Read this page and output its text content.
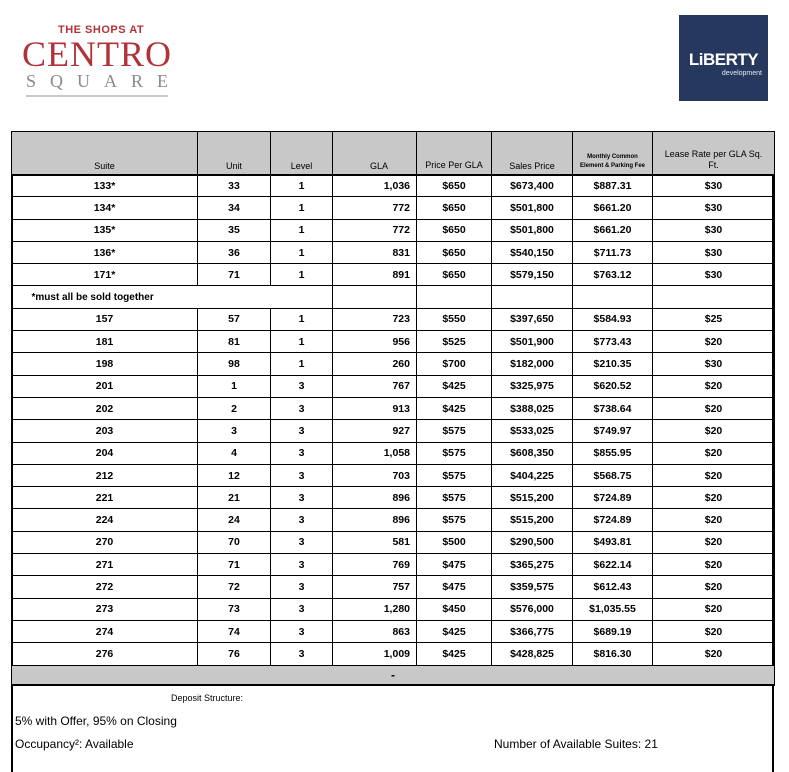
THE SHOPS AT
CENTRO
SQUARE
LiBERTY
development
Suite	Unit	Level	GLA	Price Per GLA	Sales Price	Monthly Common Element & Parking Fee	Lease Rate per GLA Sq. Ft.
133*	33	1	1,036	$650	$673,400	$887.31	$30
134*	34	1	772	$650	$501,800	$661.20	$30
135*	35	1	772	$650	$501,800	$661.20	$30
136*	36	1	831	$650	$540,150	$711.73	$30
171*	71	1	891	$650	$579,150	$763.12	$30
*must all be sold together							
157	57	1	723	$550	$397,650	$584.93	$25
181	81	1	956	$525	$501,900	$773.43	$20
198	98	1	260	$700	$182,000	$210.35	$30
201	1	3	767	$425	$325,975	$620.52	$20
202	2	3	913	$425	$388,025	$738.64	$20
203	3	3	927	$575	$533,025	$749.97	$20
204	4	3	1,058	$575	$608,350	$855.95	$20
212	12	3	703	$575	$404,225	$568.75	$20
221	21	3	896	$575	$515,200	$724.89	$20
224	24	3	896	$575	$515,200	$724.89	$20
270	70	3	581	$500	$290,500	$493.81	$20
271	71	3	769	$475	$365,275	$622.14	$20
272	72	3	757	$475	$359,575	$612.43	$20
273	73	3	1,280	$450	$576,000	$1,035.55	$20
274	74	3	863	$425	$366,775	$689.19	$20
276	76	3	1,009	$425	$428,825	$816.30	$20
-							
Deposit Structure:
5% with Offer, 95% on Closing
Occupancy²: Available	Number of Available Suites: 21
